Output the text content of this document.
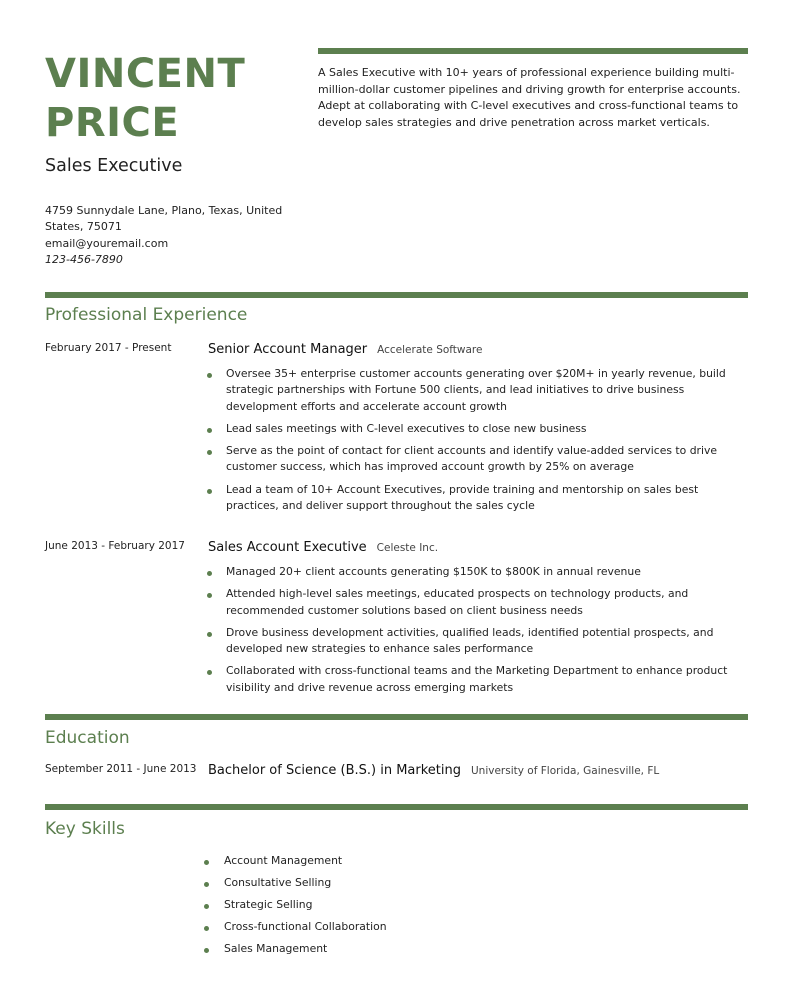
VINCENT
PRICE
Sales Executive
4759 Sunnydale Lane, Plano, Texas, United
States, 75071
email@youremail.com
123-456-7890
A Sales Executive with 10+ years of professional experience building multi-million-dollar customer pipelines and driving growth for enterprise accounts. Adept at collaborating with C-level executives and cross-functional teams to develop sales strategies and drive penetration across market verticals.
Professional Experience
February 2017 - Present	Senior Account Manager Accelerate Software
Oversee 35+ enterprise customer accounts generating over $20M+ in yearly revenue, build strategic partnerships with Fortune 500 clients, and lead initiatives to drive business development efforts and accelerate account growth
Lead sales meetings with C-level executives to close new business
Serve as the point of contact for client accounts and identify value-added services to drive customer success, which has improved account growth by 25% on average
Lead a team of 10+ Account Executives, provide training and mentorship on sales best practices, and deliver support throughout the sales cycle
June 2013 - February 2017 Sales Account Executive Celeste Inc.
Managed 20+ client accounts generating $150K to $800K in annual revenue
Attended high-level sales meetings, educated prospects on technology products, and recommended customer solutions based on client business needs
Drove business development activities, qualified leads, identified potential prospects, and developed new strategies to enhance sales performance
Collaborated with cross-functional teams and the Marketing Department to enhance product visibility and drive revenue across emerging markets
Education
September 2011 - June 2013 Bachelor of Science (B.S.) in Marketing University of Florida, Gainesville, FL
Key Skills
Account Management
Consultative Selling
Strategic Selling
Cross-functional Collaboration
Sales Management
